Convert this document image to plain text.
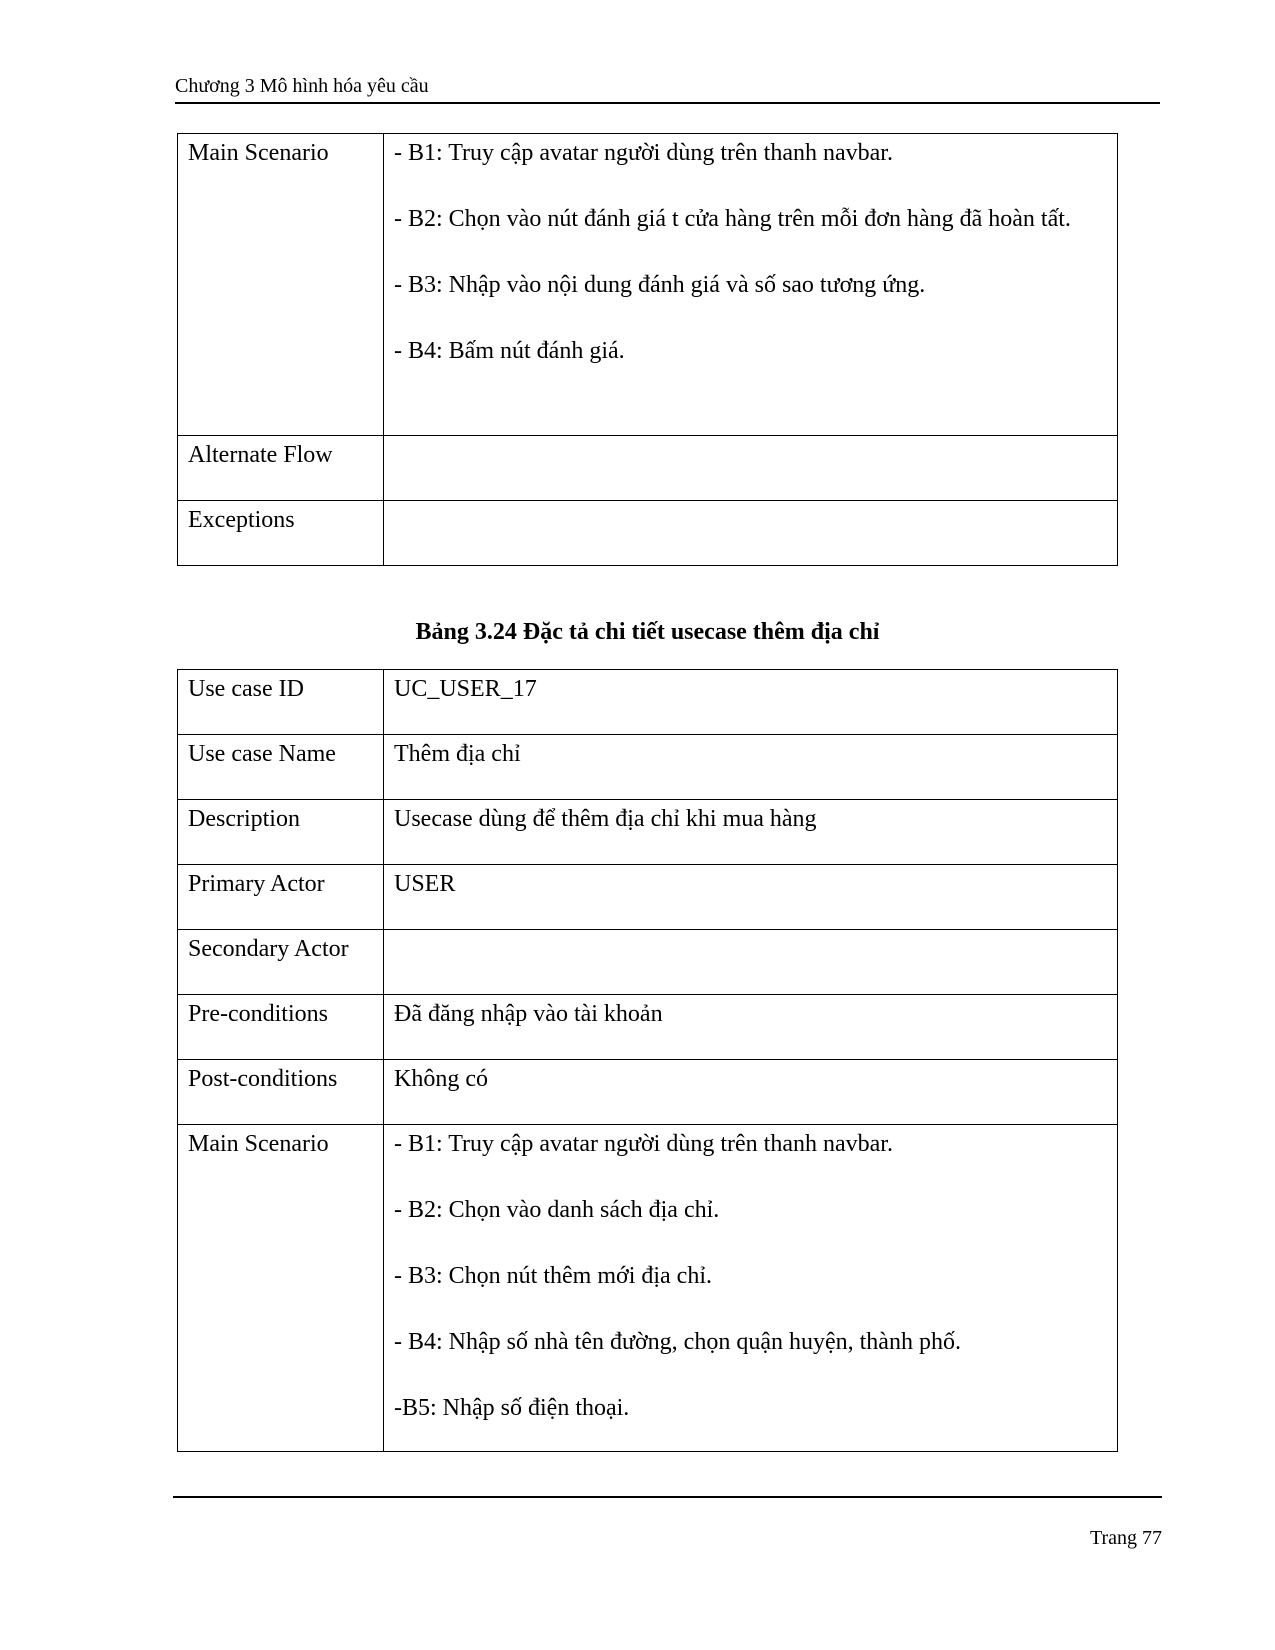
Chương 3 Mô hình hóa yêu cầu
Main Scenario	- B1: Truy cập avatar người dùng trên thanh navbar.

- B2: Chọn vào nút đánh giá t cửa hàng trên mỗi đơn hàng đã hoàn tất.

- B3: Nhập vào nội dung đánh giá và số sao tương ứng.

- B4: Bấm nút đánh giá.

Alternate Flow	
Exceptions	
Bảng 3.24 Đặc tả chi tiết usecase thêm địa chỉ
Use case ID	UC_USER_17
Use case Name	Thêm địa chỉ
Description	Usecase dùng để thêm địa chỉ khi mua hàng
Primary Actor	USER
Secondary Actor	
Pre-conditions	Đã đăng nhập vào tài khoản
Post-conditions	Không có
Main Scenario	- B1: Truy cập avatar người dùng trên thanh navbar.

- B2: Chọn vào danh sách địa chỉ.

- B3: Chọn nút thêm mới địa chỉ.

- B4: Nhập số nhà tên đường, chọn quận huyện, thành phố.

-B5: Nhập số điện thoại.

Trang 77
